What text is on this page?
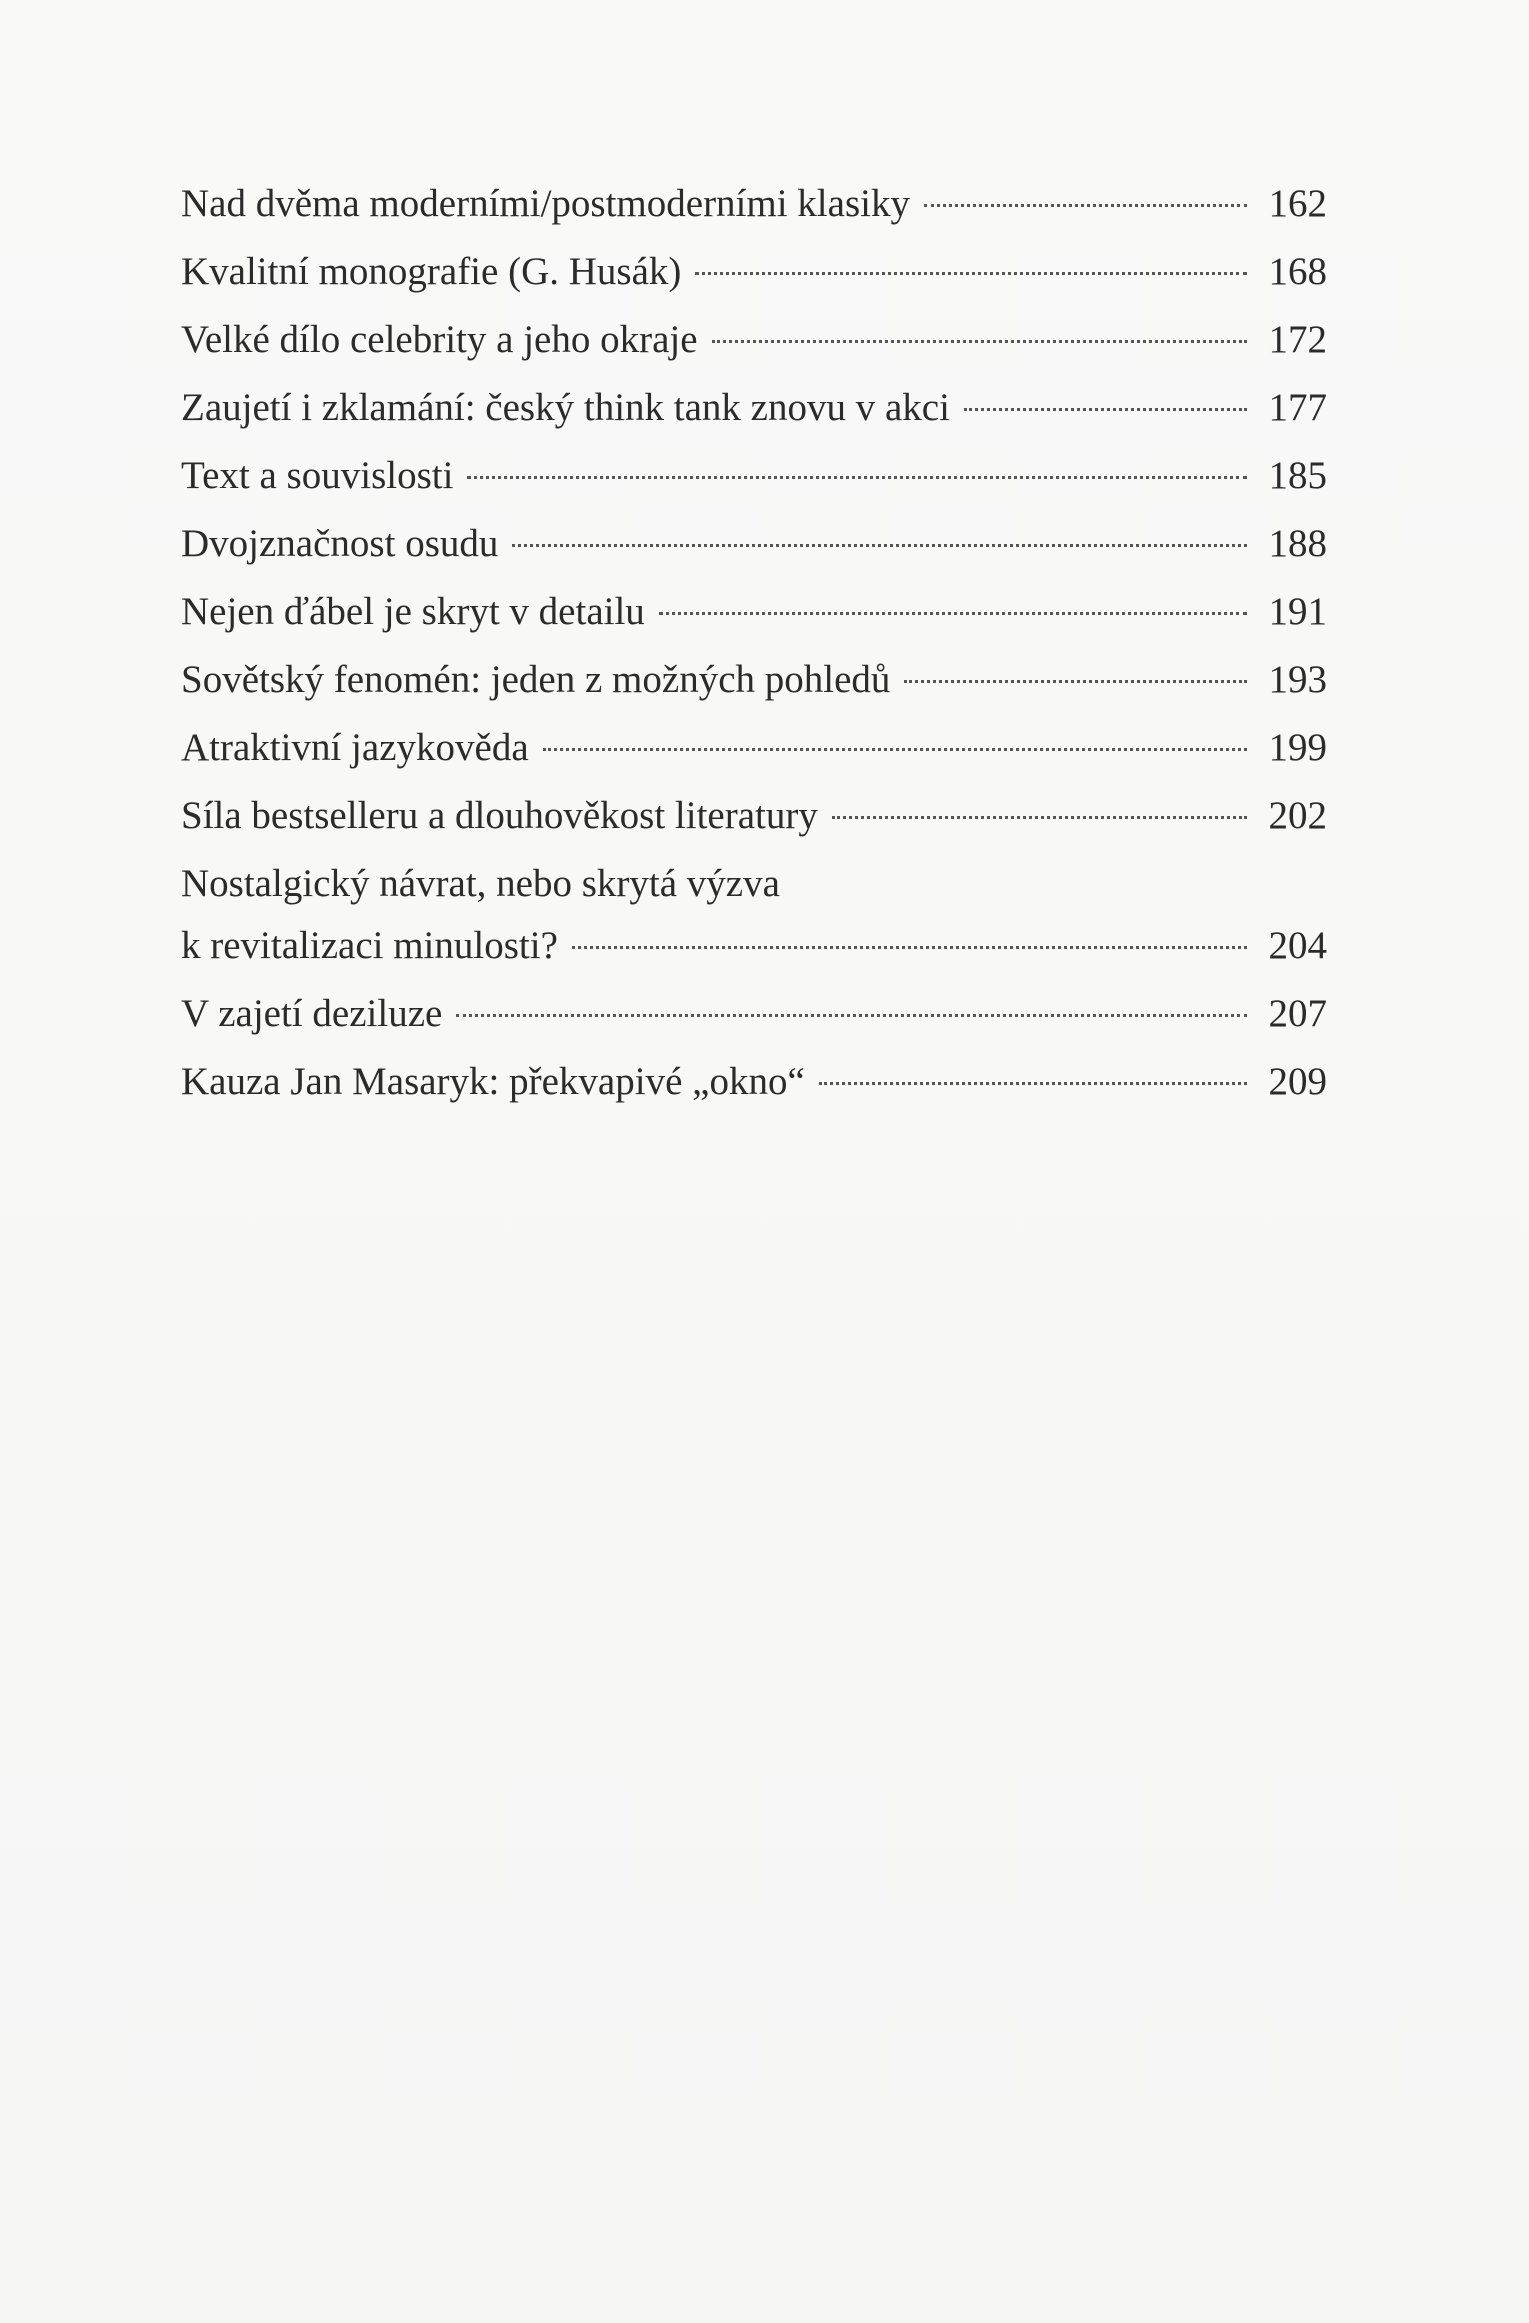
Nad dvěma moderními/postmoderními klasiky	162
Kvalitní monografie (G. Husák)	168
Velké dílo celebrity a jeho okraje	172
Zaujetí i zklamání: český think tank znovu v akci	177
Text a souvislosti	185
Dvojznačnost osudu	188
Nejen ďábel je skryt v detailu	191
Sovětský fenomén: jeden z možných pohledů	193
Atraktivní jazykověda	199
Síla bestselleru a dlouhověkost literatury	202
Nostalgický návrat, nebo skrytá výzva
k revitalizaci minulosti?	204
V zajetí deziluze	207
Kauza Jan Masaryk: překvapivé „okno“	209
